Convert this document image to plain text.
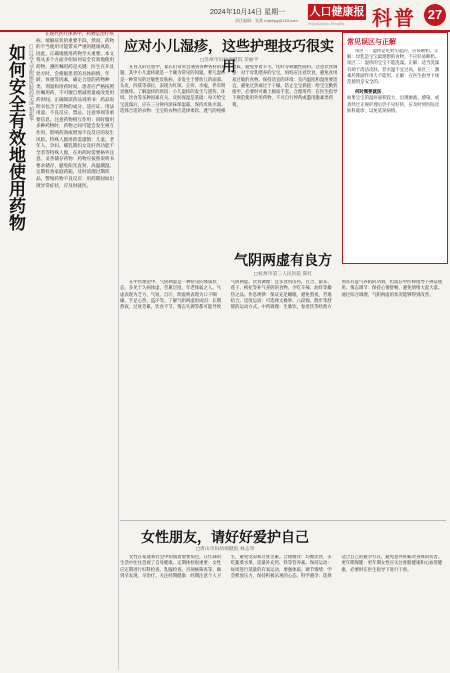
2024年10月14日 星期一
责任编辑：张燕 rmjkbpg@163.com
人口健康报
Population Health 科普 27
如何安全有效地使用药物 □江苏大学附属医院药学部 柏振华
在现代医疗体系中，药物是治疗疾病、缓解症状的重要手段。然而，药物的不当使用可能带来严重的健康风险。因此，正确地使用药物至关重要。本文将从多个方面介绍如何安全有效地使用药物。遵医嘱用药是关键：医生在开具处方时，会根据患者的具体病情、年龄、体重等因素，确定合适的药物种类、剂量和用药时间。患者应严格按照医嘱用药，不可擅自增减剂量或改变用药时间。正确阅读药品说明书：药品说明书包含了药物的成分、适应证、用法用量、不良反应、禁忌、注意事项等重要信息。注意药物相互作用：同时服用多种药物时，药物之间可能会发生相互作用，影响药效或增加不良反应的发生风险。特殊人群用药需谨慎：儿童、老年人、孕妇、哺乳期妇女及肝肾功能不全者等特殊人群，在用药时需要格外注意。妥善储存药物：药物应按照说明书要求储存，避免阳光直射、高温潮湿。定期检查家庭药箱，及时清理过期药品。警惕药物不良反应：用药期间如出现异常症状，应及时就医。
应对小儿湿疹，这些护理技巧很实用
□苏州市妇幼保健院 荣丽平
在育儿的过程中，家长们常常会遇到各种各样的难题，其中小儿湿疹就是一个颇为常见的问题。婴儿湿疹是一种常见的过敏性皮肤病，多发生于婴幼儿的面部、头皮、四肢等部位，表现为红斑、丘疹、水疱，伴有明显瘙痒。了解湿疹的原因：小儿湿疹的发生与遗传、环境、饮食等多种因素有关。皮肤保湿是基础：每天给宝宝洗澡后，应在三分钟内涂抹保湿霜，保持皮肤水润。选择合适的衣物：宝宝的衣物应选择柔软、透气的纯棉材质，避免穿着羊毛、化纤等刺激性面料。注意饮食调整：对于母乳喂养的宝宝，妈妈应注意饮食，避免食用易过敏的食物。保持适宜的环境：室内温度和湿度要适宜，避免过热或过于干燥。防止宝宝抓挠：给宝宝勤剪指甲，必要时可戴上棉质手套。合理用药：在医生指导下规范使用外用药物，不可自行停药或滥用激素类药膏。
常见误区与正解
误区一：湿疹是吃奶引起的，应该断奶。正解：母乳是宝宝最理想的食物，不应轻易断奶。误区二：湿疹的宝宝不能洗澡。正解：适当洗澡有助于清洁皮肤，但水温不宜过高。误区三：激素药膏副作用大不能用。正解：在医生指导下规范使用是安全的。
何时需要就医
如果宝宝的湿疹面积较大、出现渗液、感染，或者经过正规护理后仍不见好转，应及时到医院皮肤科就诊，以免延误病情。
气阴两虚有良方
□杭州市第三人民医院 陈红
在中医理论中，气阴两虚是一种常见的体质状态，多见于久病体虚、劳累过度、年老体弱之人。气虚表现为乏力、气短、自汗，阴虚则表现为口干咽燥、手足心热、盗汗等。了解气阴两虚的成因：长期熬夜、过度劳累、饮食不节、情志失调等都可能导致气阴两虚。饮食调理：宜多食用山药、百合、银耳、莲子、枸杞等补气养阴的食物，少吃辛辣、油炸等燥热之品。作息规律：保证充足睡眠，避免熬夜，劳逸结合。适度运动：可选择太极拳、八段锦、散步等舒缓的运动方式。中药调理：生脉饮、参麦饮等经典方剂具有益气养阴的功效，但需在中医师指导下辨证使用。情志调节：保持心情舒畅，避免情绪大起大落。通过综合调理，气阴两虚的状况能够得到改善。
女性朋友，请好好爱护自己
□唐山市妇幼保健院 林志琴
女性在家庭和社会中扮演着重要角色，在忙碌的生活中往往忽视了自身健康。定期体检很重要：女性应定期进行妇科检查、乳腺检查、宫颈癌筛查等，做到早发现、早治疗。关注经期健康：经期注意个人卫生，避免受凉和过度劳累。合理膳食：均衡饮食，多吃蔬菜水果，适量补充钙、铁等营养素。保持运动：每周进行适量的有氧运动，增强体质。调节情绪：学会释放压力，保持积极乐观的心态。科学避孕：选择适合自己的避孕方式，避免意外妊娠对身体的伤害。更年期保健：更年期女性应关注骨骼健康和心血管健康，必要时在医生指导下进行干预。
